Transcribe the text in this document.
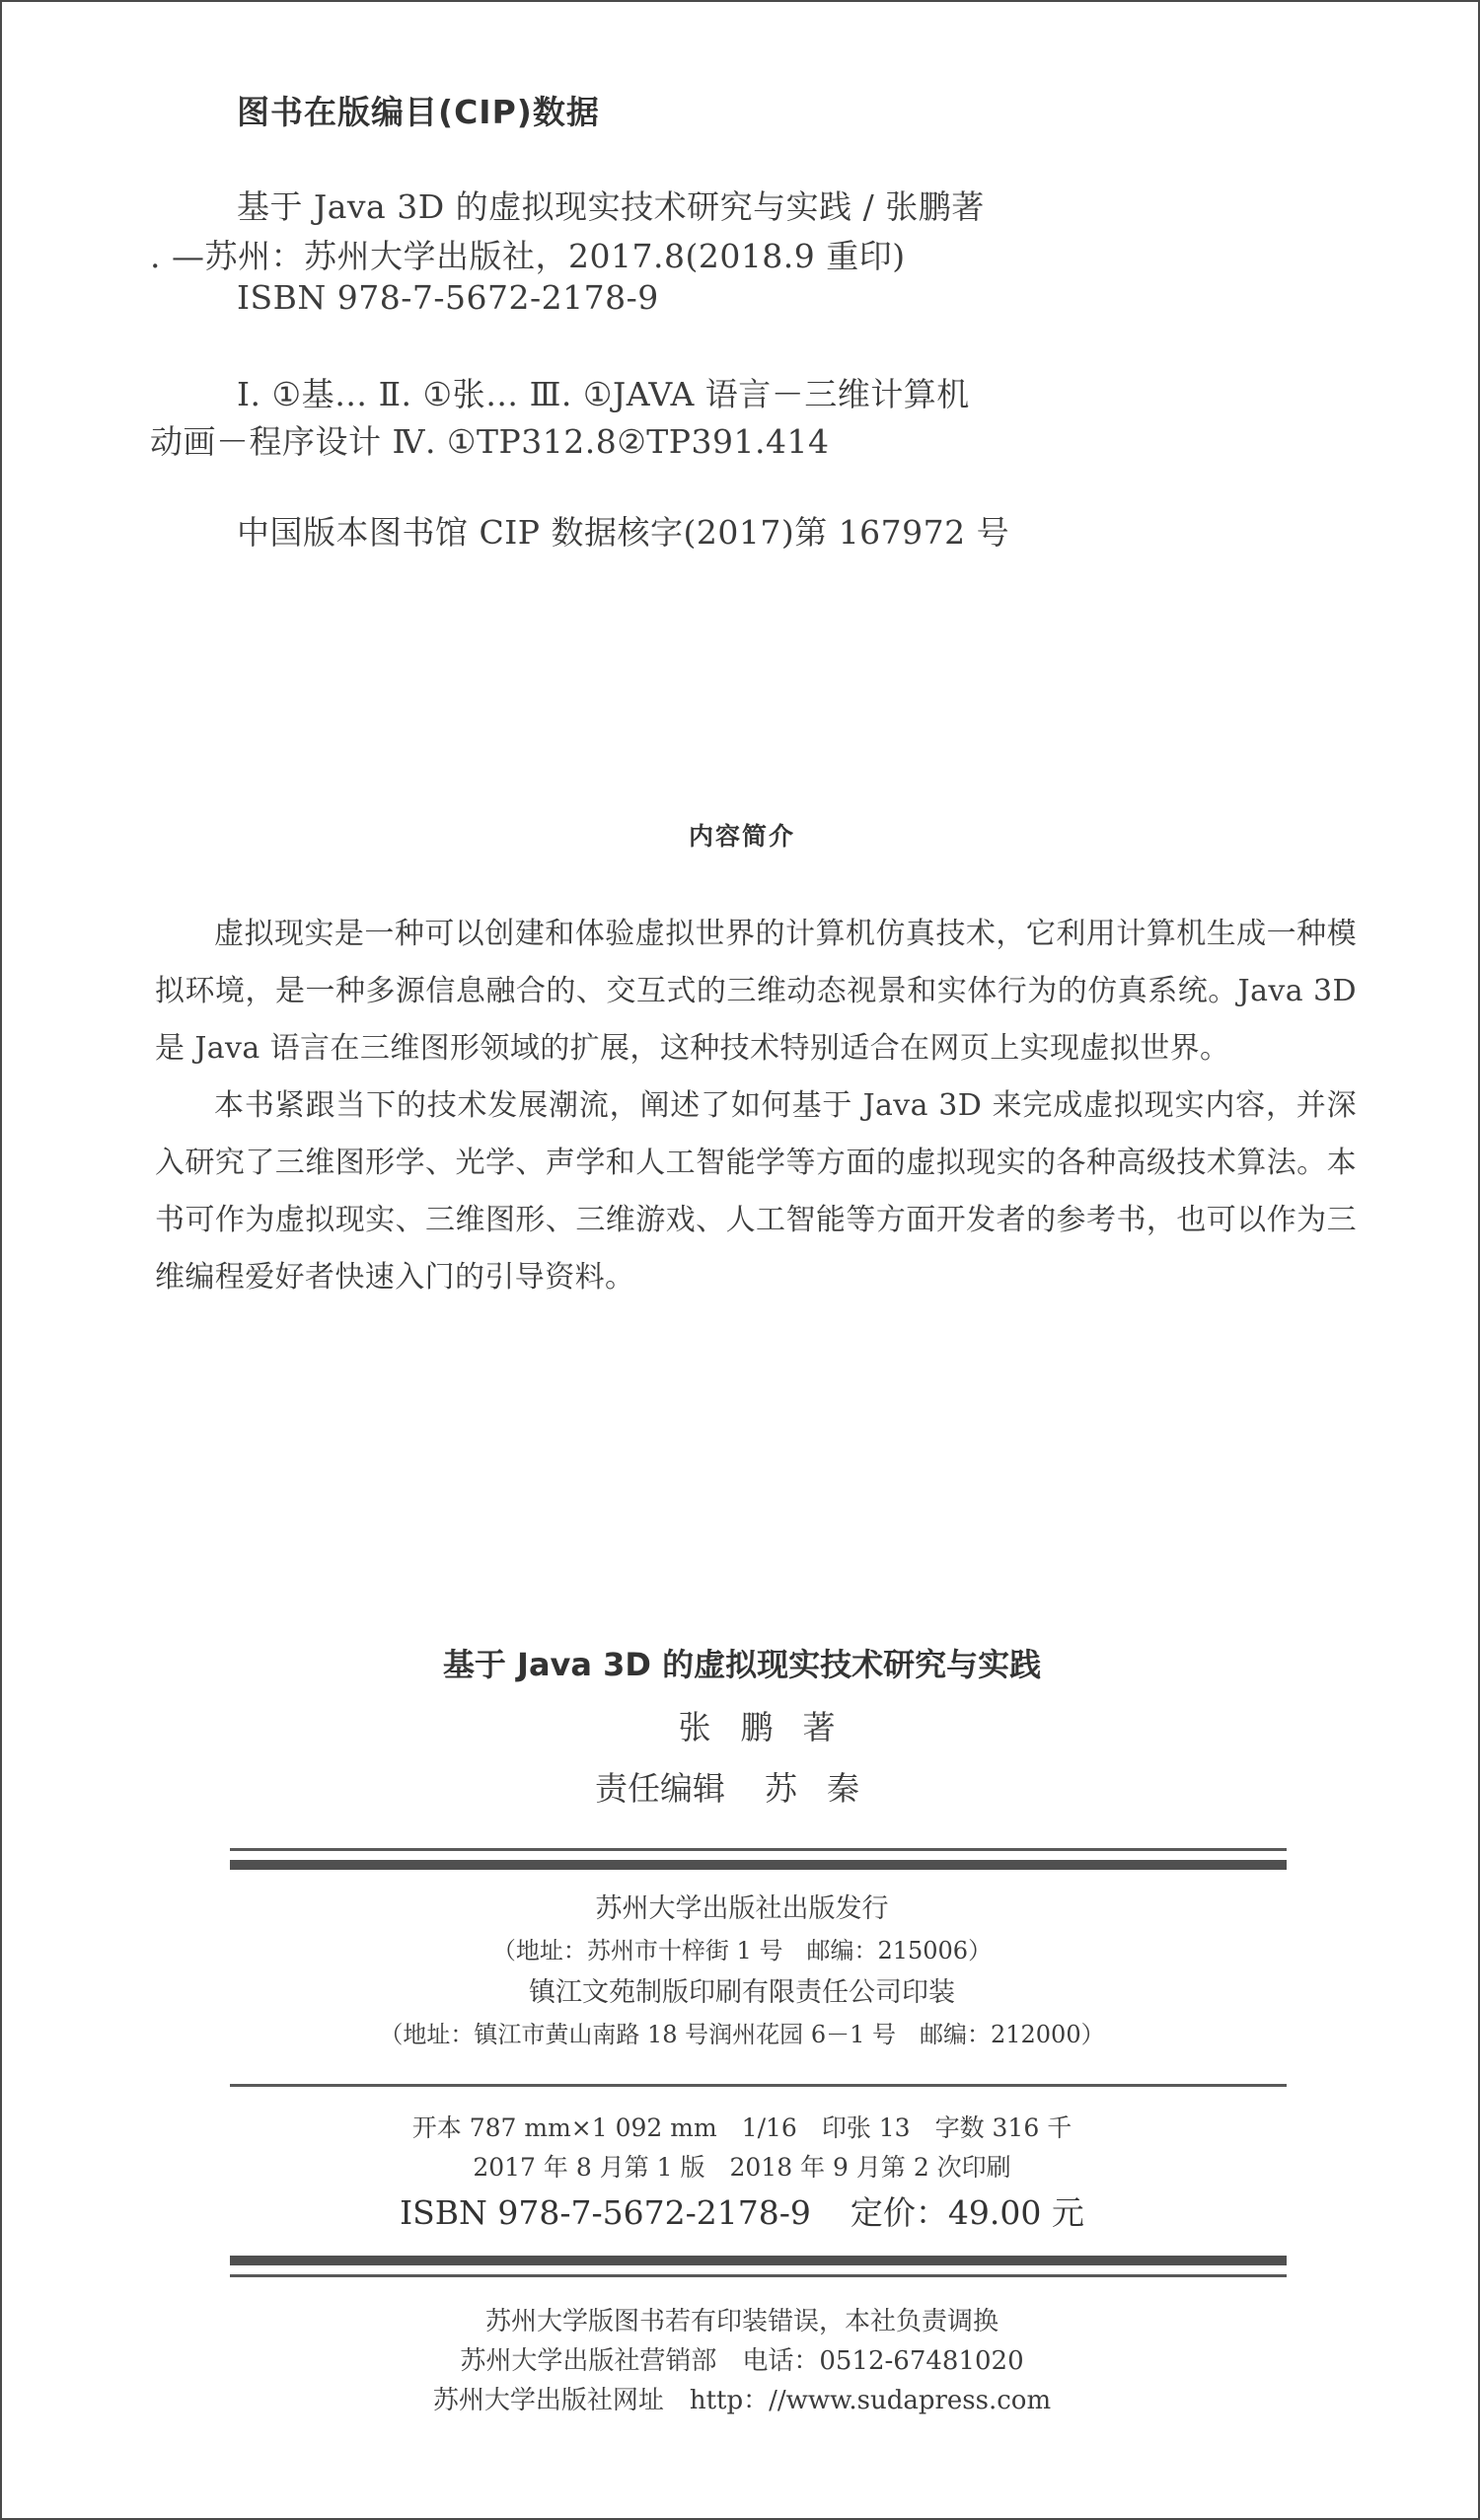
图书在版编目(CIP)数据
基于 Java 3D 的虚拟现实技术研究与实践 / 张鹏著
. —苏州：苏州大学出版社，2017.8(2018.9 重印)
ISBN 978-7-5672-2178-9
Ⅰ. ①基… Ⅱ. ①张… Ⅲ. ①JAVA 语言－三维计算机
动画－程序设计 Ⅳ. ①TP312.8②TP391.414
中国版本图书馆 CIP 数据核字(2017)第 167972 号
内容简介

虚拟现实是一种可以创建和体验虚拟世界的计算机仿真技术，它利用计算机生成一种模拟环境，是一种多源信息融合的、交互式的三维动态视景和实体行为的仿真系统。Java 3D 是 Java 语言在三维图形领域的扩展，这种技术特别适合在网页上实现虚拟世界。

本书紧跟当下的技术发展潮流，阐述了如何基于 Java 3D 来完成虚拟现实内容，并深入研究了三维图形学、光学、声学和人工智能学等方面的虚拟现实的各种高级技术算法。本书可作为虚拟现实、三维图形、三维游戏、人工智能等方面开发者的参考书，也可以作为三维编程爱好者快速入门的引导资料。

基于 Java 3D 的虚拟现实技术研究与实践
张鹏著
责任编辑 苏秦
苏州大学出版社出版发行
（地址：苏州市十梓街 1 号　邮编：215006）
镇江文苑制版印刷有限责任公司印装
（地址：镇江市黄山南路 18 号润州花园 6－1 号　邮编：212000）
开本 787 mm×1 092 mm　1/16　印张 13　字数 316 千
2017 年 8 月第 1 版　2018 年 9 月第 2 次印刷
ISBN 978-7-5672-2178-9 定价：49.00 元
苏州大学版图书若有印装错误，本社负责调换
苏州大学出版社营销部　电话：0512-67481020
苏州大学出版社网址　http：//www.sudapress.com
